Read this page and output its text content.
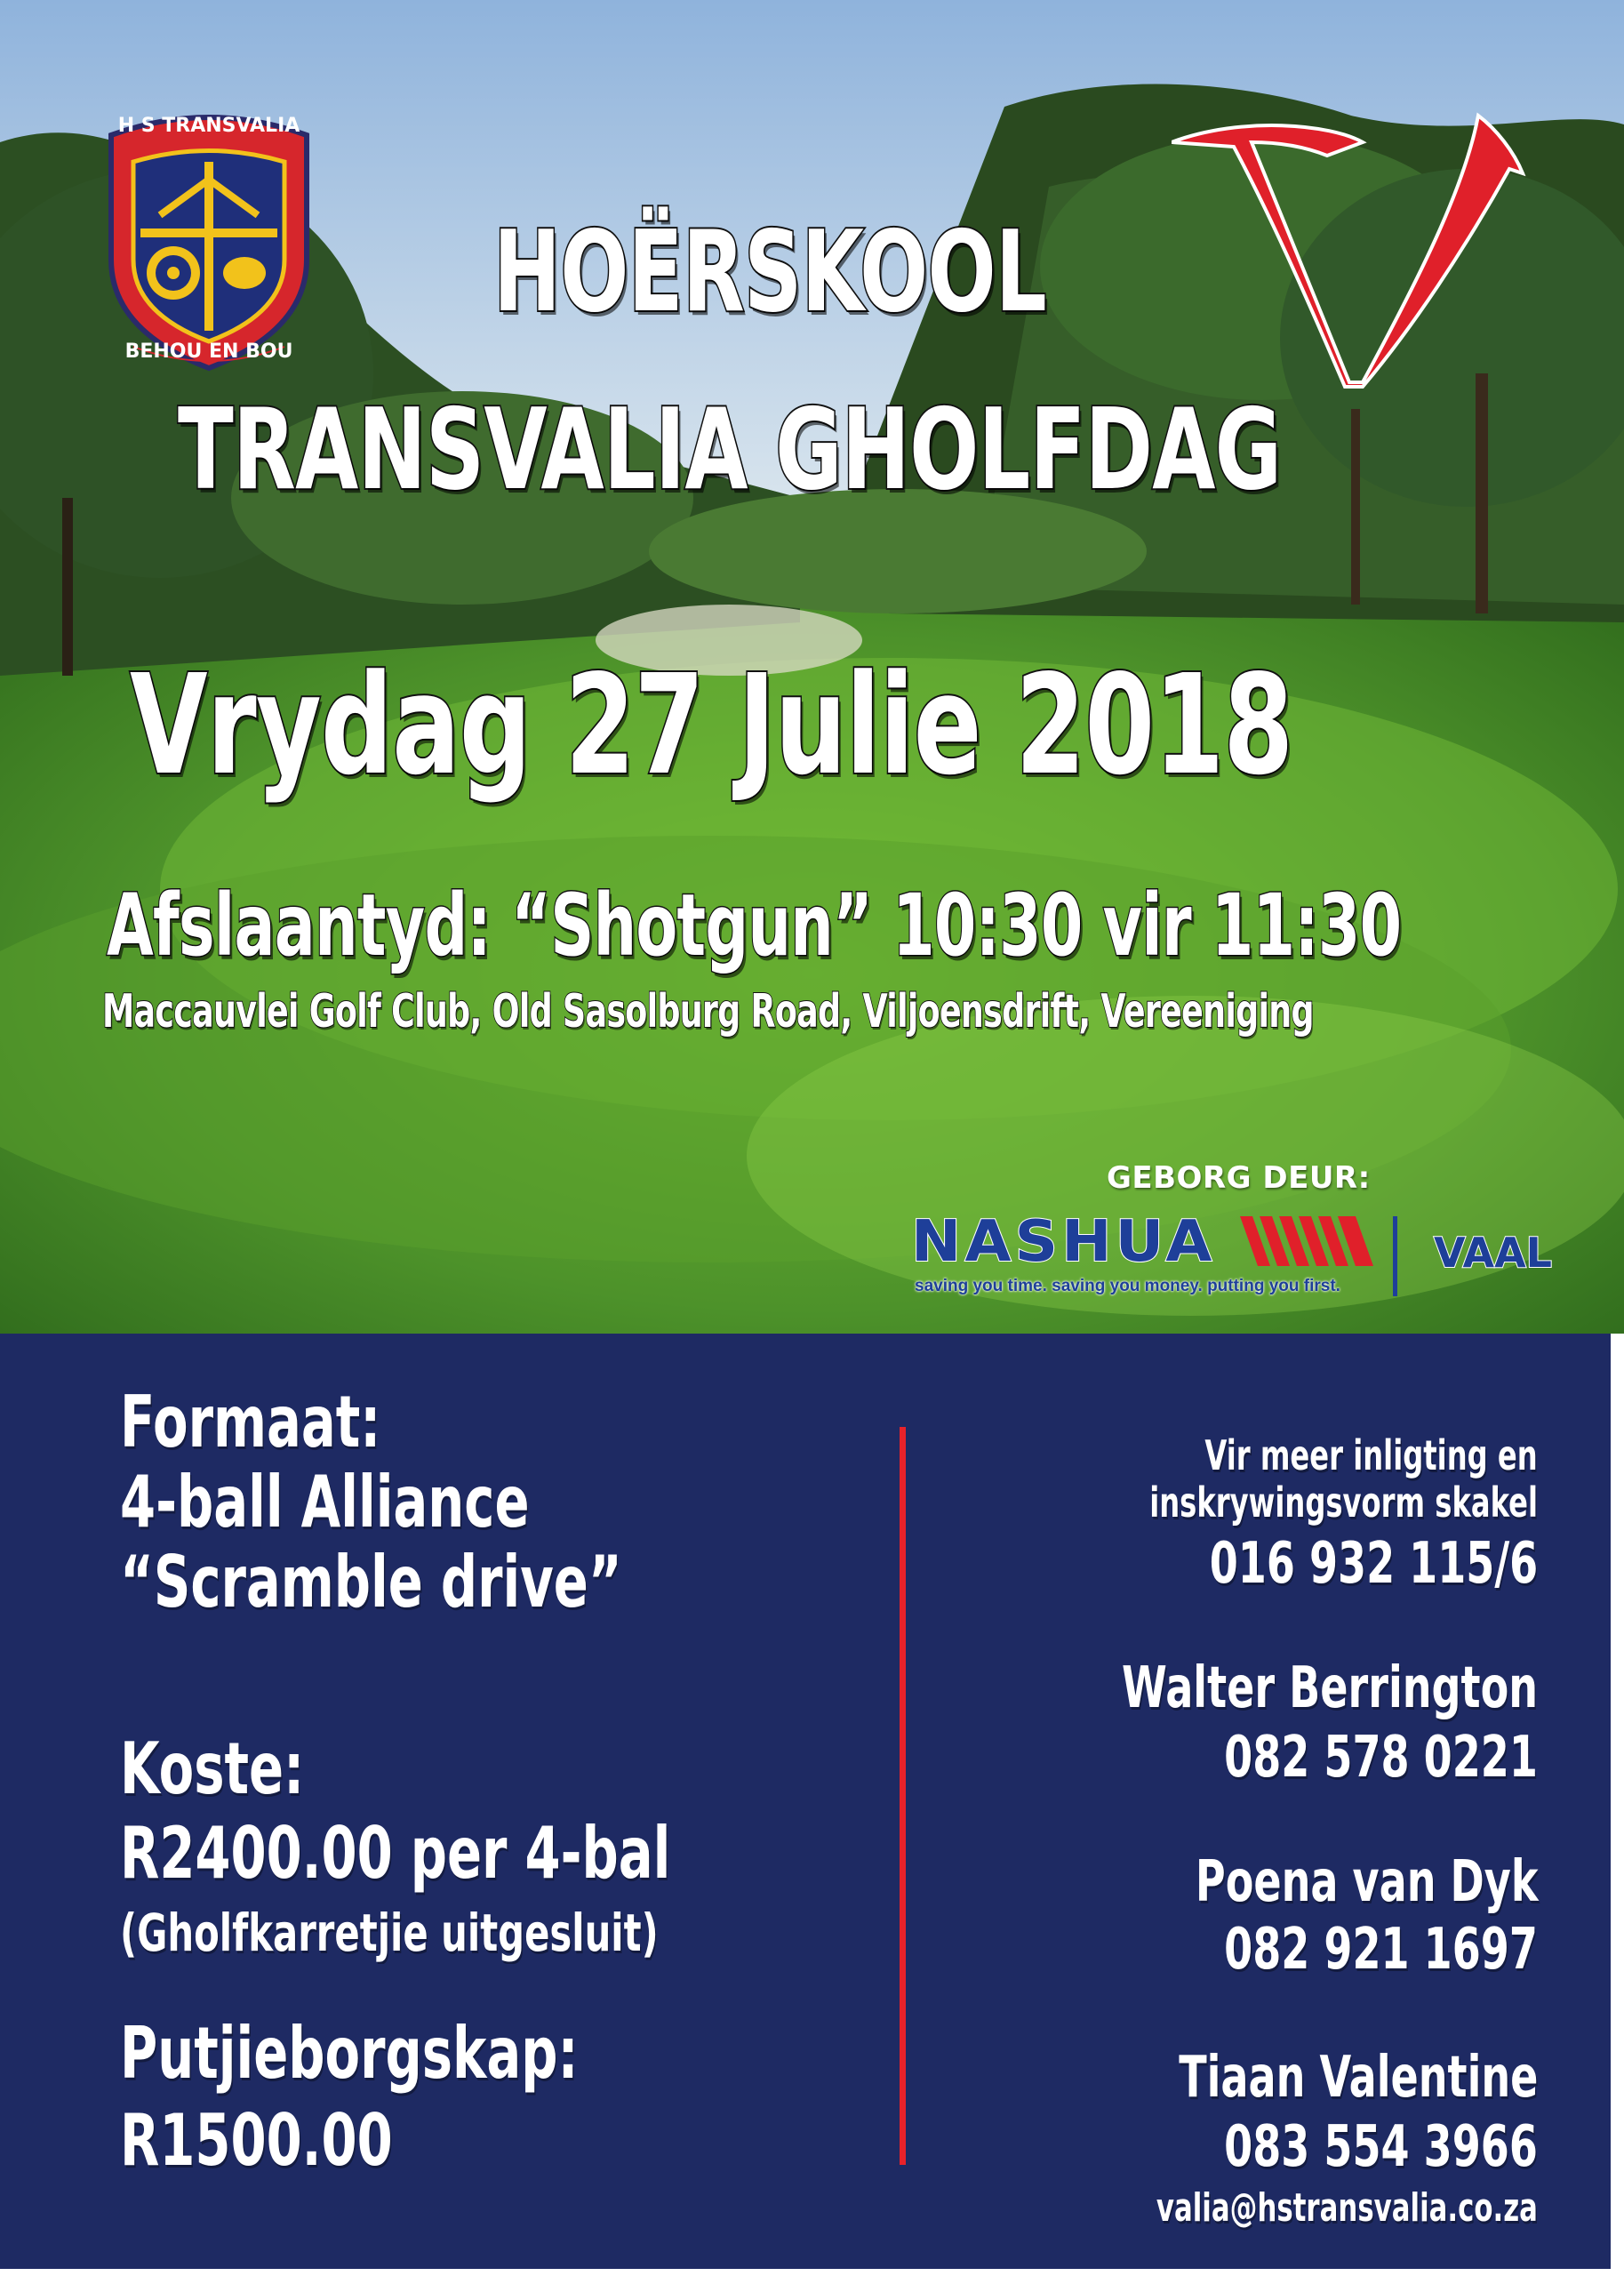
H S TRANSVALIA
BEHOU EN BOU
HOËRSKOOL
TRANSVALIA GHOLFDAG
Vrydag 27 Julie 2018
Afslaantyd: “Shotgun” 10:30 vir 11:30
Maccauvlei Golf Club, Old Sasolburg Road, Viljoensdrift, Vereeniging
GEBORG DEUR:
NASHUA
saving you time. saving you money. putting you first.
VAAL
Formaat:
4-ball Alliance
“Scramble drive”
Koste:
R2400.00 per 4-bal
(Gholfkarretjie uitgesluit)
Putjieborgskap:
R1500.00
Vir meer inligting en
inskrywingsvorm skakel
016 932 115/6
Walter Berrington
082 578 0221
Poena van Dyk
082 921 1697
Tiaan Valentine
083 554 3966
valia@hstransvalia.co.za
